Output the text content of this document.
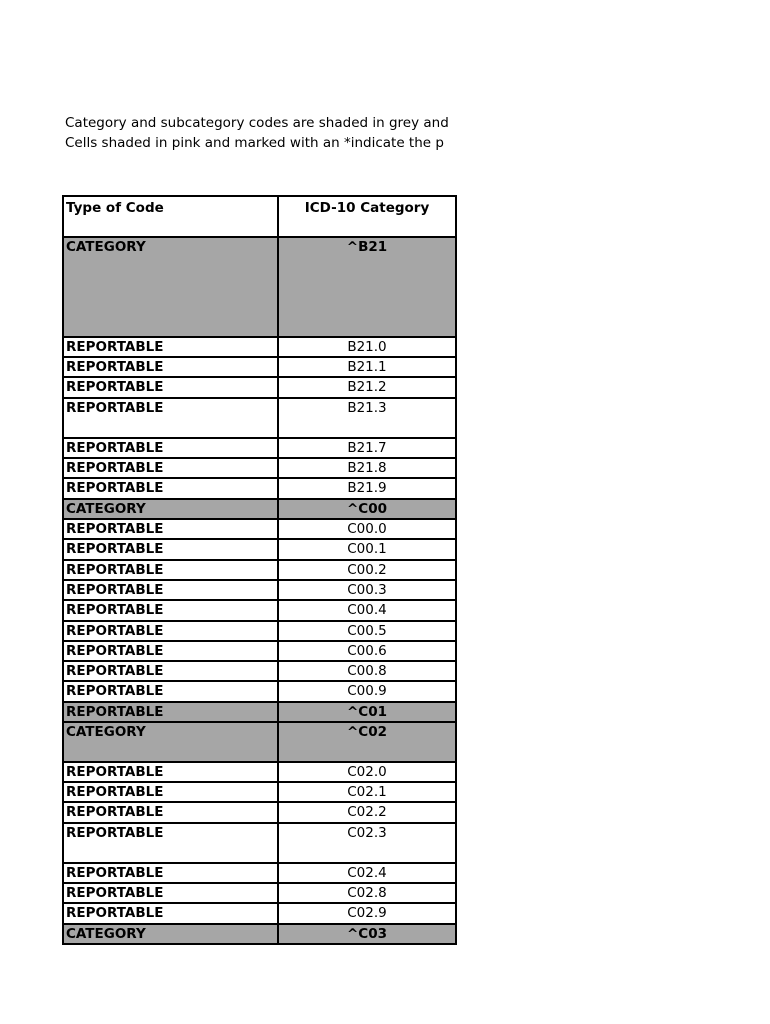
Category and subcategory codes are shaded in grey and
Cells shaded in pink and marked with an *indicate the p
Type of Code	ICD-10 Category
CATEGORY	^B21
REPORTABLE	B21.0
REPORTABLE	B21.1
REPORTABLE	B21.2
REPORTABLE	B21.3
REPORTABLE	B21.7
REPORTABLE	B21.8
REPORTABLE	B21.9
CATEGORY	^C00
REPORTABLE	C00.0
REPORTABLE	C00.1
REPORTABLE	C00.2
REPORTABLE	C00.3
REPORTABLE	C00.4
REPORTABLE	C00.5
REPORTABLE	C00.6
REPORTABLE	C00.8
REPORTABLE	C00.9
REPORTABLE	^C01
CATEGORY	^C02
REPORTABLE	C02.0
REPORTABLE	C02.1
REPORTABLE	C02.2
REPORTABLE	C02.3
REPORTABLE	C02.4
REPORTABLE	C02.8
REPORTABLE	C02.9
CATEGORY	^C03
